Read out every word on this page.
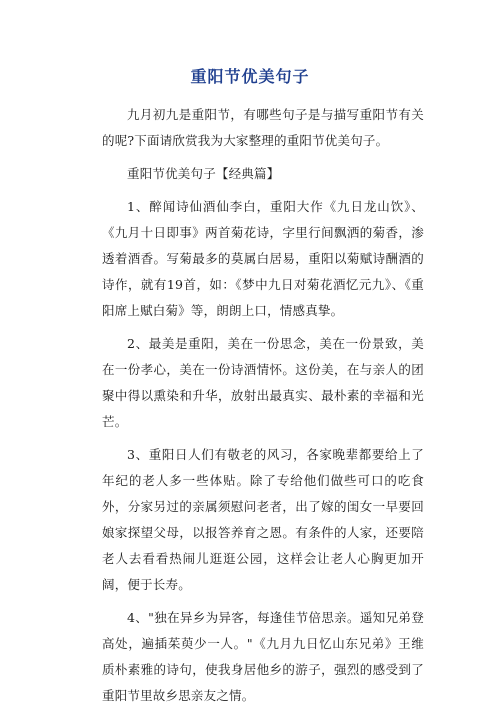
重阳节优美句子

九月初九是重阳节，有哪些句子是与描写重阳节有关的呢?下面请欣赏我为大家整理的重阳节优美句子。

重阳节优美句子【经典篇】

1、醉闻诗仙酒仙李白，重阳大作《九日龙山饮》、《九月十日即事》两首菊花诗，字里行间飘洒的菊香，渗透着酒香。写菊最多的莫属白居易，重阳以菊赋诗酬酒的诗作，就有19首，如：《梦中九日对菊花酒忆元九》、《重阳席上赋白菊》等，朗朗上口，情感真挚。

2、最美是重阳，美在一份思念，美在一份景致，美在一份孝心，美在一份诗酒情怀。这份美，在与亲人的团聚中得以熏染和升华，放射出最真实、最朴素的幸福和光芒。

3、重阳日人们有敬老的风习，各家晚辈都要给上了年纪的老人多一些体贴。除了专给他们做些可口的吃食外，分家另过的亲属须慰问老者，出了嫁的闺女一早要回娘家探望父母，以报答养育之恩。有条件的人家，还要陪老人去看看热闹儿逛逛公园，这样会让老人心胸更加开阔，便于长寿。

4、"独在异乡为异客，每逢佳节倍思亲。遥知兄弟登高处，遍插茱萸少一人。"《九月九日忆山东兄弟》王维质朴素雅的诗句，使我身居他乡的游子，强烈的感受到了重阳节里故乡思亲友之情。
